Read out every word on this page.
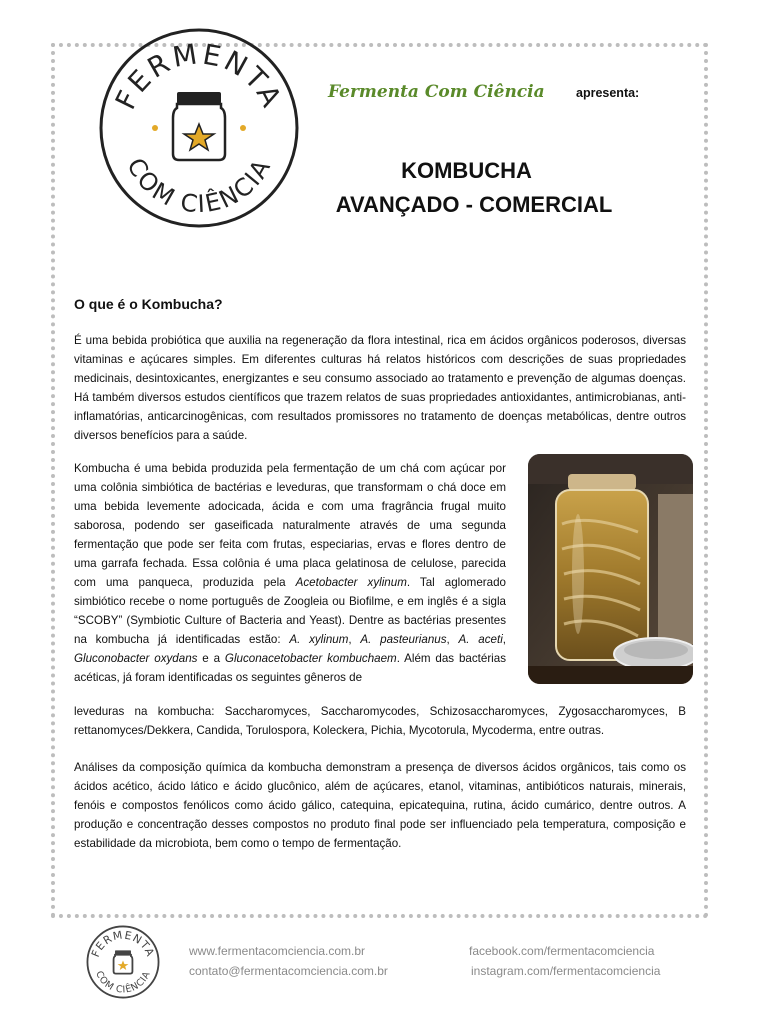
FERMENTA
COM CIÊNCIA
Fermenta Com Ciência	apresenta:
KOMBUCHA
AVANÇADO - COMERCIAL
O que é o Kombucha?

É uma bebida probiótica que auxilia na regeneração da flora intestinal, rica em ácidos orgânicos poderosos, diversas vitaminas e açúcares simples. Em diferentes culturas há relatos históricos com descrições de suas propriedades medicinais, desintoxicantes, energizantes e seu consumo associado ao tratamento e prevenção de algumas doenças. Há também diversos estudos científicos que trazem relatos de suas propriedades antioxidantes, antimicrobianas, anti-inflamatórias, anticarcinogênicas, com resultados promissores no tratamento de doenças metabólicas, dentre outros diversos benefícios para a saúde.

Kombucha é uma bebida produzida pela fermentação de um chá com açúcar por uma colônia simbiótica de bactérias e leveduras, que transformam o chá doce em uma bebida levemente adocicada, ácida e com uma fragrância frugal muito saborosa, podendo ser gaseificada naturalmente através de uma segunda fermentação que pode ser feita com frutas, especiarias, ervas e flores dentro de uma garrafa fechada. Essa colônia é uma placa gelatinosa de celulose, parecida com uma panqueca, produzida pela Acetobacter xylinum. Tal aglomerado simbiótico recebe o nome português de Zoogleia ou Biofilme, e em inglês é a sigla “SCOBY” (Symbiotic Culture of Bacteria and Yeast). Dentre as bactérias presentes na kombucha já identificadas estão: A. xylinum, A. pasteurianus, A. aceti, Gluconobacter oxydans e a Gluconacetobacter kombuchaem. Além das bactérias acéticas, já foram identificadas os seguintes gêneros de

leveduras na kombucha: Saccharomyces, Saccharomycodes, Schizosaccharomyces, Zygosaccharomyces, B rettanomyces/Dekkera, Candida, Torulospora, Koleckera, Pichia, Mycotorula, Mycoderma, entre outras.

Análises da composição química da kombucha demonstram a presença de diversos ácidos orgânicos, tais como os ácidos acético, ácido lático e ácido glucônico, além de açúcares, etanol, vitaminas, antibióticos naturais, minerais, fenóis e compostos fenólicos como ácido gálico, catequina, epicatequina, rutina, ácido cumárico, dentre outros. A produção e concentração desses compostos no produto final pode ser influenciado pela temperatura, composição e estabilidade da microbiota, bem como o tempo de fermentação.

FERMENTA
COM CIÊNCIA
www.fermentacomciencia.com.br
contato@fermentacomciencia.com.br
facebook.com/fermentacomciencia
instagram.com/fermentacomciencia
